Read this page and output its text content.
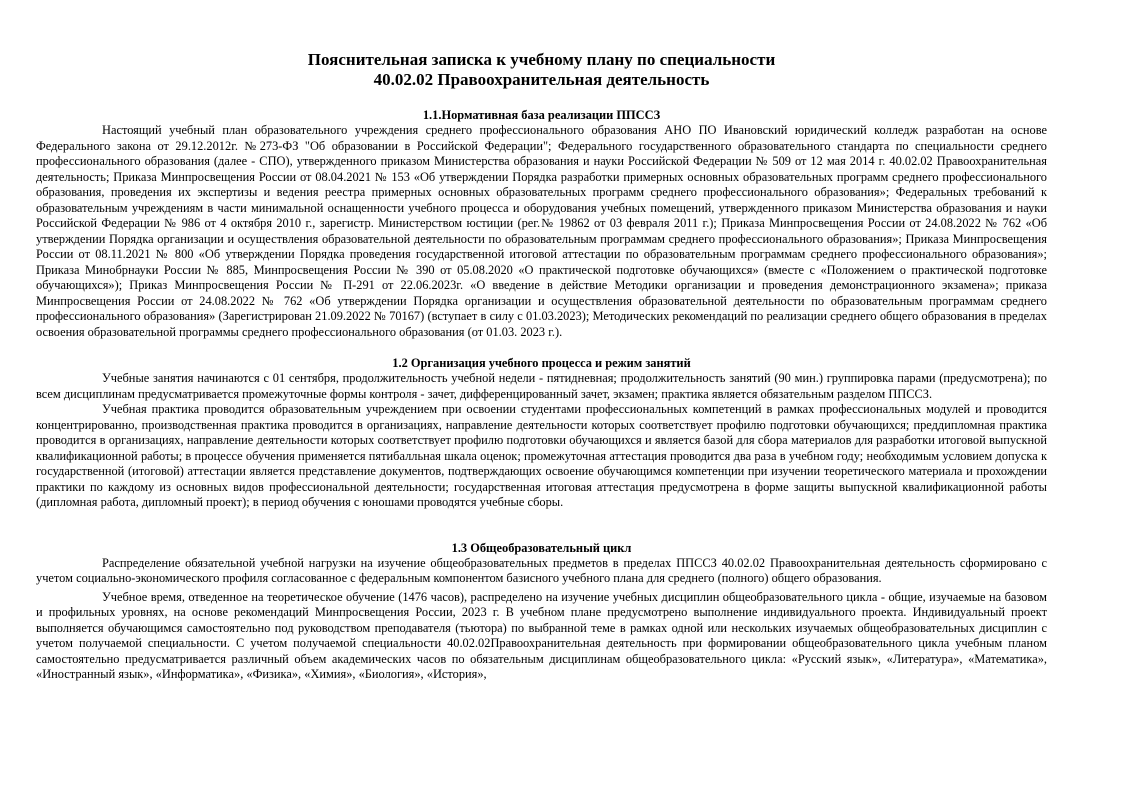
Пояснительная записка к учебному плану по специальности
40.02.02 Правоохранительная деятельность

1.1.Нормативная база реализации ППССЗ

Настоящий учебный план образовательного учреждения среднего профессионального образования АНО ПО Ивановский юридический колледж разработан на основе Федерального закона от 29.12.2012г. №273-ФЗ "Об образовании в Российской Федерации"; Федерального государственного образовательного стандарта по специальности среднего профессионального образования (далее - СПО), утвержденного приказом Министерства образования и науки Российской Федерации № 509 от 12 мая 2014 г. 40.02.02 Правоохранительная деятельность; Приказа Минпросвещения России от 08.04.2021 № 153 «Об утверждении Порядка разработки примерных основных образовательных программ среднего профессионального образования, проведения их экспертизы и ведения реестра примерных основных образовательных программ среднего профессионального образования»; Федеральных требований к образовательным учреждениям в части минимальной оснащенности учебного процесса и оборудования учебных помещений, утвержденного приказом Министерства образования и науки Российской Федерации № 986 от 4 октября 2010 г., зарегистр. Министерством юстиции (рег.№ 19862 от 03 февраля 2011 г.); Приказа Минпросвещения России от 24.08.2022 № 762 «Об утверждении Порядка организации и осуществления образовательной деятельности по образовательным программам среднего профессионального образования»; Приказа Минпросвещения России от 08.11.2021 № 800 «Об утверждении Порядка проведения государственной итоговой аттестации по образовательным программам среднего профессионального образования»; Приказа Минобрнауки России № 885, Минпросвещения России № 390 от 05.08.2020 «О практической подготовке обучающихся» (вместе с «Положением о практической подготовке обучающихся»); Приказ Минпросвещения России № П-291 от 22.06.2023г. «О введение в действие Методики организации и проведения демонстрационного экзамена»; приказа Минпросвещения России от 24.08.2022 № 762 «Об утверждении Порядка организации и осуществления образовательной деятельности по образовательным программам среднего профессионального образования» (Зарегистрирован 21.09.2022 № 70167) (вступает в силу с 01.03.2023); Методических рекомендаций по реализации среднего общего образования в пределах освоения образовательной программы среднего профессионального образования (от 01.03. 2023 г.).

1.2 Организация учебного процесса и режим занятий

Учебные занятия начинаются с 01 сентября, продолжительность учебной недели - пятидневная; продолжительность занятий (90 мин.) группировка парами (предусмотрена); по всем дисциплинам предусматривается промежуточные формы контроля - зачет, дифференцированный зачет, экзамен; практика является обязательным разделом ППССЗ.

Учебная практика проводится образовательным учреждением при освоении студентами профессиональных компетенций в рамках профессиональных модулей и проводится концентрированно, производственная практика проводится в организациях, направление деятельности которых соответствует профилю подготовки обучающихся; преддипломная практика проводится в организациях, направление деятельности которых соответствует профилю подготовки обучающихся и является базой для сбора материалов для разработки итоговой выпускной квалификационной работы; в процессе обучения применяется пятибалльная шкала оценок; промежуточная аттестация проводится два раза в учебном году; необходимым условием допуска к государственной (итоговой) аттестации является представление документов, подтверждающих освоение обучающимся компетенции при изучении теоретического материала и прохождении практики по каждому из основных видов профессиональной деятельности; государственная итоговая аттестация предусмотрена в форме защиты выпускной квалификационной работы (дипломная работа, дипломный проект); в период обучения с юношами проводятся учебные сборы.

1.3 Общеобразовательный цикл

Распределение обязательной учебной нагрузки на изучение общеобразовательных предметов в пределах ППССЗ 40.02.02 Правоохранительная деятельность сформировано с учетом социально-экономического профиля согласованное с федеральным компонентом базисного учебного плана для среднего (полного) общего образования.

Учебное время, отведенное на теоретическое обучение (1476 часов), распределено на изучение учебных дисциплин общеобразовательного цикла - общие, изучаемые на базовом и профильных уровнях, на основе рекомендаций Минпросвещения России, 2023 г. В учебном плане предусмотрено выполнение индивидуального проекта. Индивидуальный проект выполняется обучающимся самостоятельно под руководством преподавателя (тьютора) по выбранной теме в рамках одной или нескольких изучаемых общеобразовательных дисциплин с учетом получаемой специальности. С учетом получаемой специальности 40.02.02Правоохранительная деятельность при формировании общеобразовательного цикла учебным планом самостоятельно предусматривается различный объем академических часов по обязательным дисциплинам общеобразовательного цикла: «Русский язык», «Литература», «Математика», «Иностранный язык», «Информатика», «Физика», «Химия», «Биология», «История»,
